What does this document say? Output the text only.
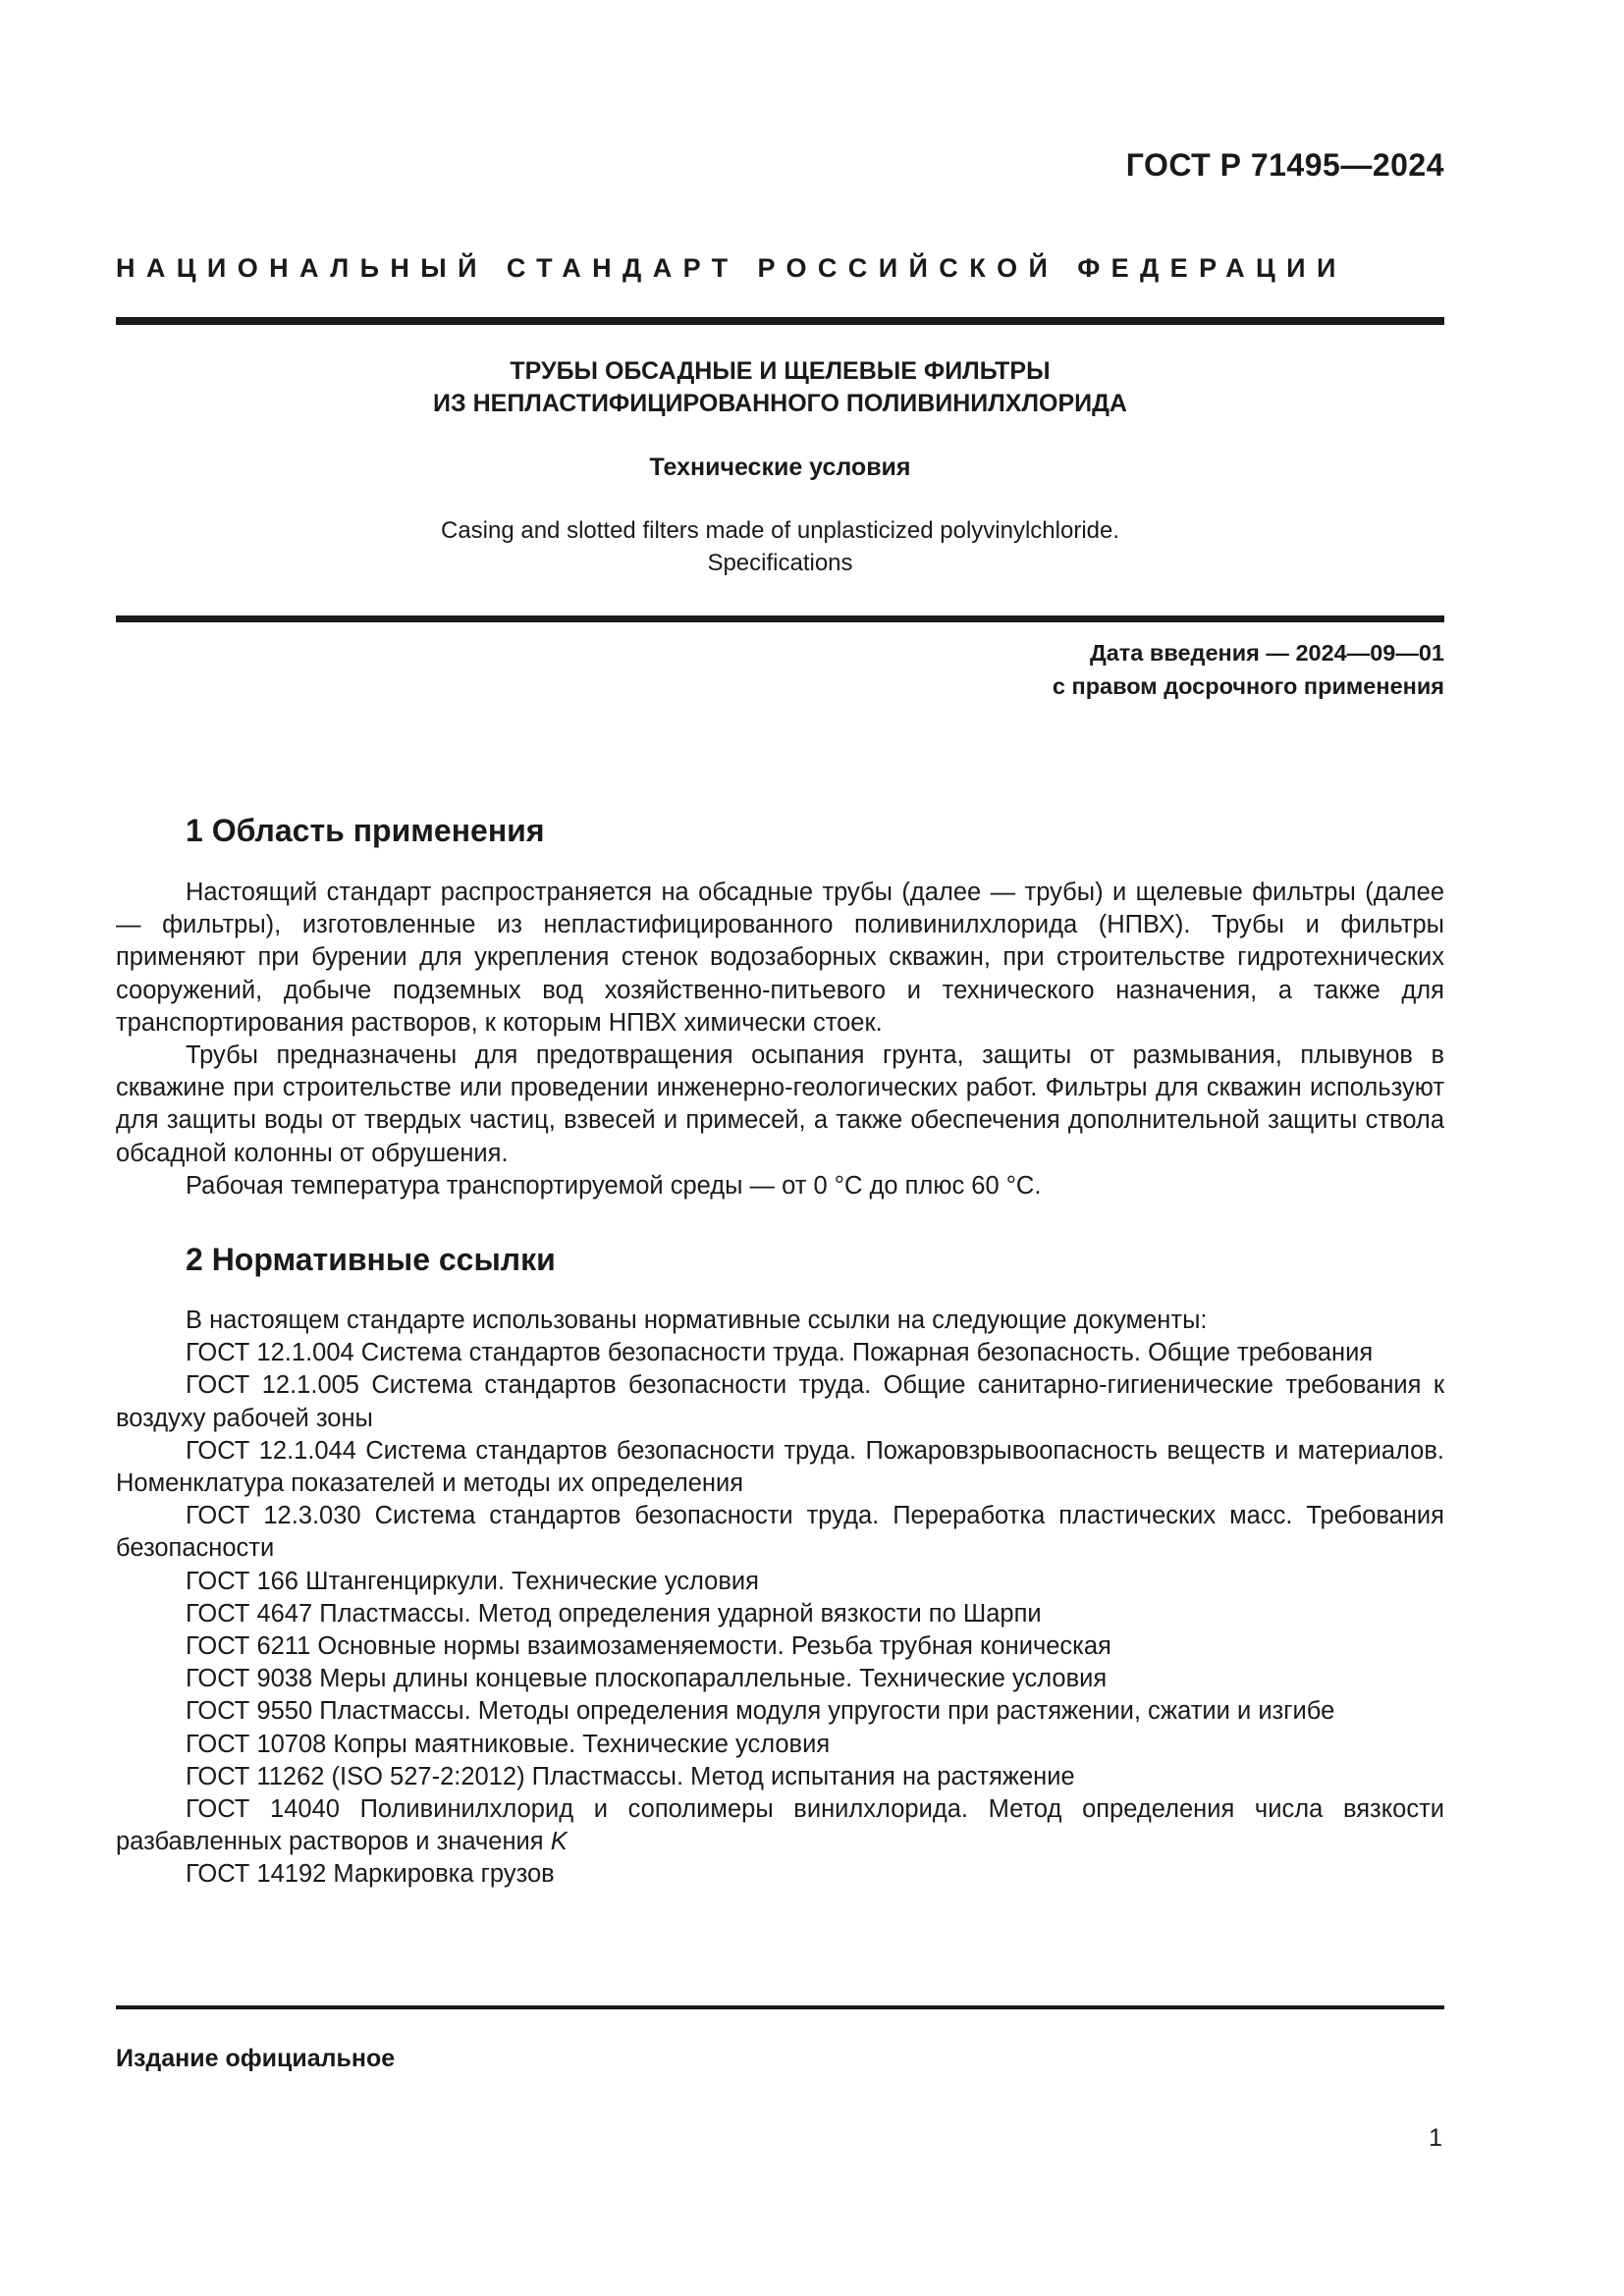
ГОСТ Р 71495—2024
НАЦИОНАЛЬНЫЙ СТАНДАРТ РОССИЙСКОЙ ФЕДЕРАЦИИ
ТРУБЫ ОБСАДНЫЕ И ЩЕЛЕВЫЕ ФИЛЬТРЫ
ИЗ НЕПЛАСТИФИЦИРОВАННОГО ПОЛИВИНИЛХЛОРИДА
Технические условия
Casing and slotted filters made of unplasticized polyvinylchloride.
Specifications
Дата введения — 2024—09—01
с правом досрочного применения
1 Область применения

Настоящий стандарт распространяется на обсадные трубы (далее — трубы) и щелевые фильтры (далее — фильтры), изготовленные из непластифицированного поливинилхлорида (НПВХ). Трубы и фильтры применяют при бурении для укрепления стенок водозаборных скважин, при строительстве гидротехнических сооружений, добыче подземных вод хозяйственно-питьевого и технического назначения, а также для транспортирования растворов, к которым НПВХ химически стоек.

Трубы предназначены для предотвращения осыпания грунта, защиты от размывания, плывунов в скважине при строительстве или проведении инженерно-геологических работ. Фильтры для скважин используют для защиты воды от твердых частиц, взвесей и примесей, а также обеспечения дополнительной защиты ствола обсадной колонны от обрушения.

Рабочая температура транспортируемой среды — от 0 °С до плюс 60 °С.

2 Нормативные ссылки

В настоящем стандарте использованы нормативные ссылки на следующие документы:

ГОСТ 12.1.004 Система стандартов безопасности труда. Пожарная безопасность. Общие требования

ГОСТ 12.1.005 Система стандартов безопасности труда. Общие санитарно-гигиенические требования к воздуху рабочей зоны

ГОСТ 12.1.044 Система стандартов безопасности труда. Пожаровзрывоопасность веществ и материалов. Номенклатура показателей и методы их определения

ГОСТ 12.3.030 Система стандартов безопасности труда. Переработка пластических масс. Требования безопасности

ГОСТ 166 Штангенциркули. Технические условия

ГОСТ 4647 Пластмассы. Метод определения ударной вязкости по Шарпи

ГОСТ 6211 Основные нормы взаимозаменяемости. Резьба трубная коническая

ГОСТ 9038 Меры длины концевые плоскопараллельные. Технические условия

ГОСТ 9550 Пластмассы. Методы определения модуля упругости при растяжении, сжатии и изгибе

ГОСТ 10708 Копры маятниковые. Технические условия

ГОСТ 11262 (ISO 527-2:2012) Пластмассы. Метод испытания на растяжение

ГОСТ 14040 Поливинилхлорид и сополимеры винилхлорида. Метод определения числа вязкости разбавленных растворов и значения K

ГОСТ 14192 Маркировка грузов

Издание официальное
1
